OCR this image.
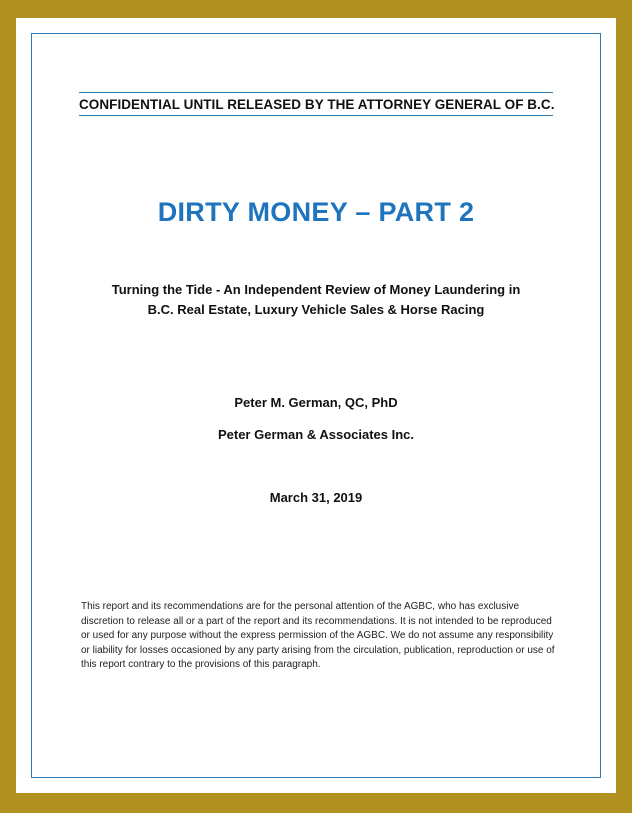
CONFIDENTIAL UNTIL RELEASED BY THE ATTORNEY GENERAL OF B.C.
DIRTY MONEY – PART 2
Turning the Tide - An Independent Review of Money Laundering in
B.C. Real Estate, Luxury Vehicle Sales & Horse Racing
Peter M. German, QC, PhD
Peter German & Associates Inc.
March 31, 2019
This report and its recommendations are for the personal attention of the AGBC, who has exclusive discretion to release all or a part of the report and its recommendations. It is not intended to be reproduced or used for any purpose without the express permission of the AGBC. We do not assume any responsibility or liability for losses occasioned by any party arising from the circulation, publication, reproduction or use of this report contrary to the provisions of this paragraph.
